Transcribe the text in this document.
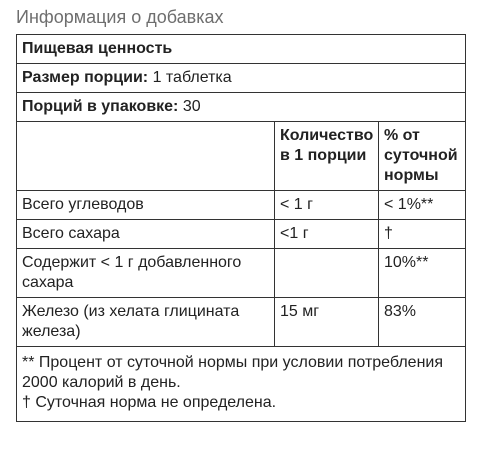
Информация о добавках
Пищевая ценность		
Размер порции: 1 таблетка		
Порций в упаковке: 30		
	Количество в 1 порции	% от суточной нормы
Всего углеводов	< 1 г	< 1%**
Всего сахара	<1 г	†
Содержит < 1 г добавленного сахара		10%**
Железо (из хелата глицината железа)	15 мг	83%

** Процент от суточной нормы при условии потребления 2000 калорий в день.
† Суточная норма не определена.		
